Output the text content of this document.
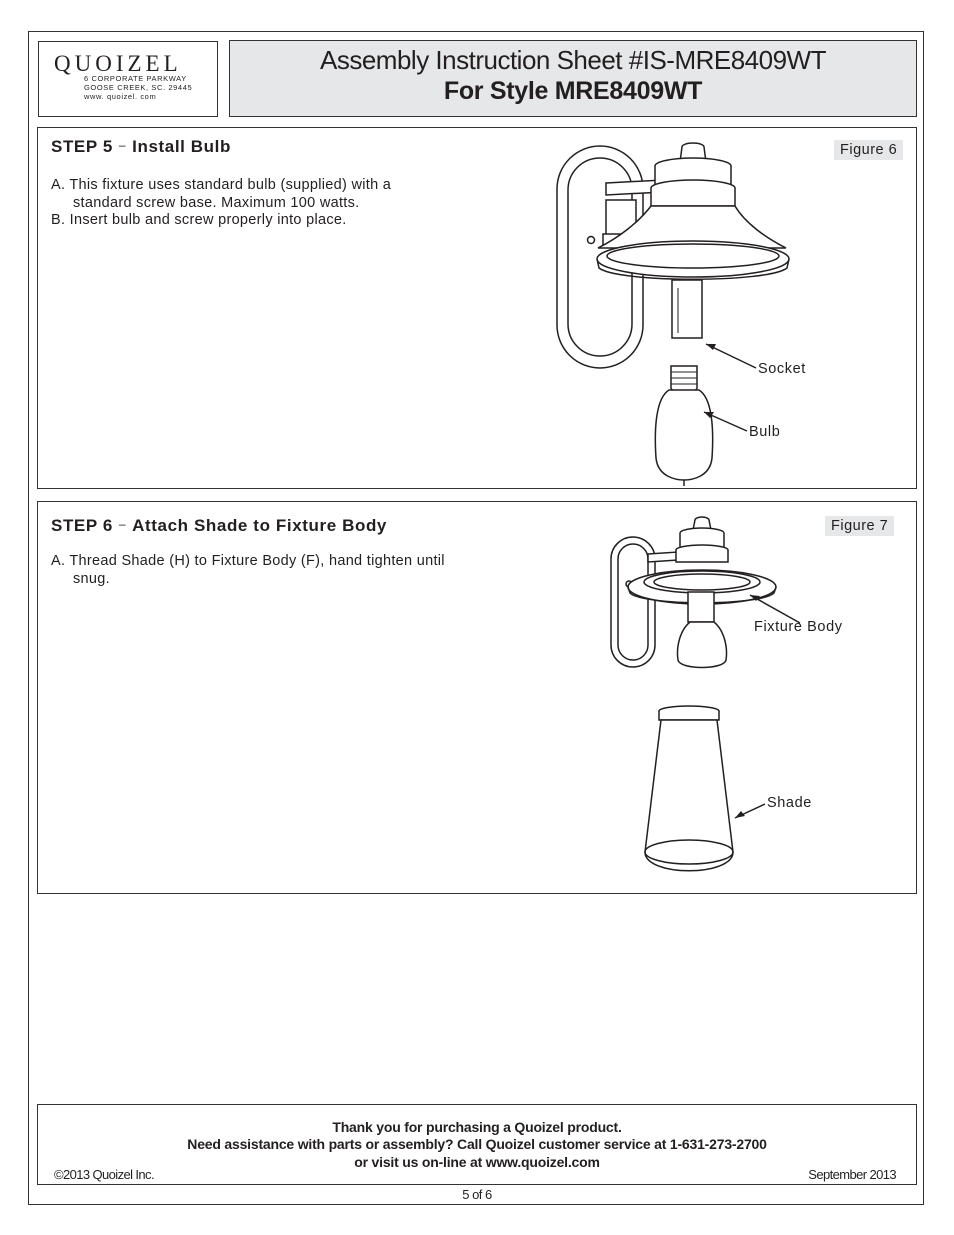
QUOIZEL
6 CORPORATE PARKWAY
GOOSE CREEK, SC. 29445
www. quoizel. com
Assembly Instruction Sheet #IS-MRE8409WT
For Style MRE8409WT
STEP 5 – Install Bulb
A. This fixture uses standard bulb (supplied) with a
standard screw base. Maximum 100 watts.
B. Insert bulb and screw properly into place.
Figure 6
Socket
Bulb
STEP 6 – Attach Shade to Fixture Body
A. Thread Shade (H) to Fixture Body (F), hand tighten until
snug.
Figure 7
Fixture Body
Shade
Thank you for purchasing a Quoizel product.
Need assistance with parts or assembly? Call Quoizel customer service at 1-631-273-2700
or visit us on-line at www.quoizel.com
©2013 Quoizel Inc.	September 2013
5 of 6
